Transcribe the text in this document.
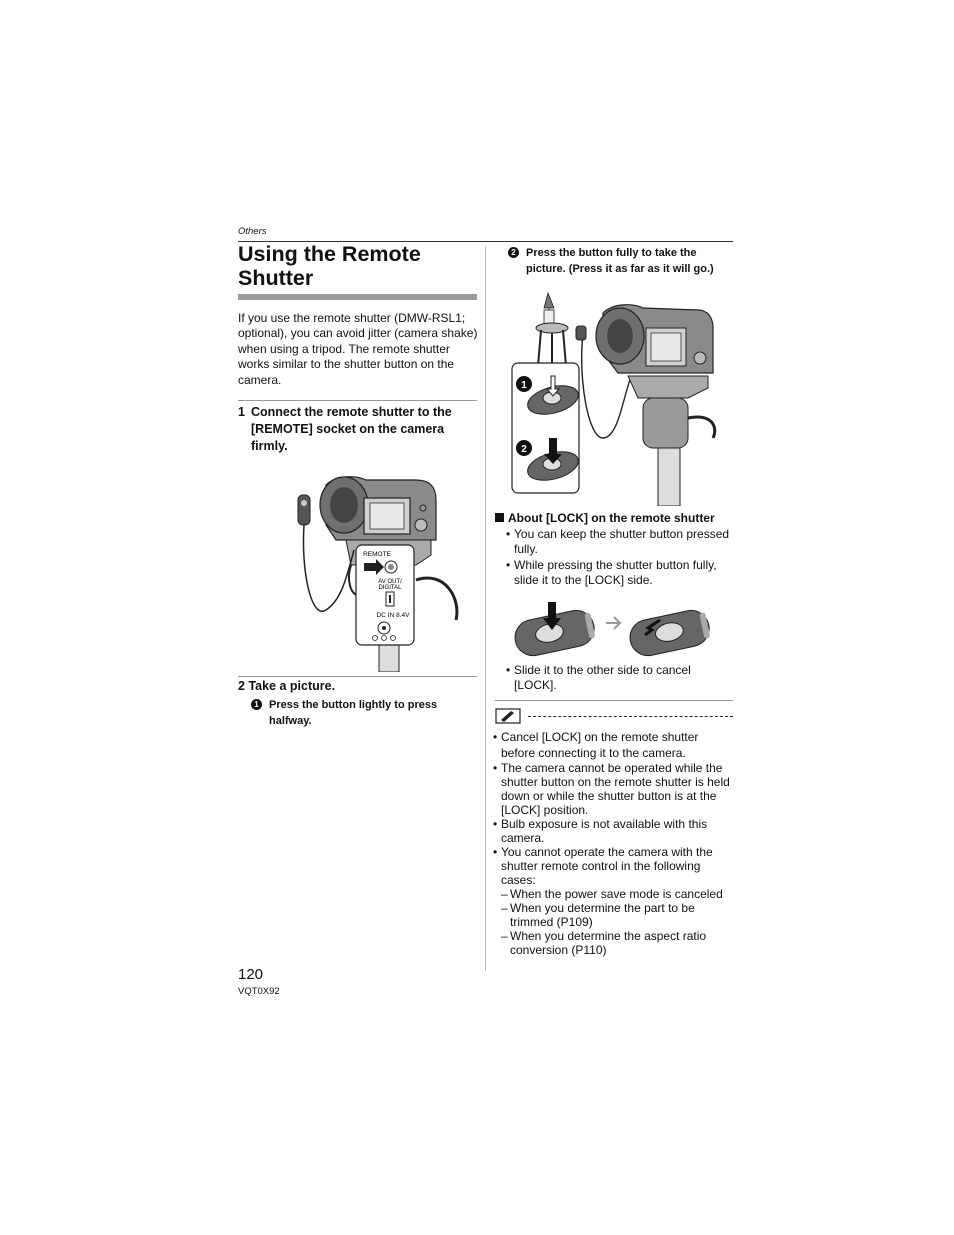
Others
Using the Remote Shutter
If you use the remote shutter (DMW-RSL1; optional), you can avoid jitter (camera shake) when using a tripod. The remote shutter works similar to the shutter button on the camera.
1 Connect the remote shutter to the [REMOTE] socket on the camera firmly.
REMOTE
AV OUT/
DIGITAL
DC IN 8.4V
2 Take a picture.
1 : Press the button lightly to press halfway.
2 : Press the button fully to take the picture. (Press it as far as it will go.)
1
2
About [LOCK] on the remote shutter
• You can keep the shutter button pressed fully.
• While pressing the shutter button fully, slide it to the [LOCK] side.
• Slide it to the other side to cancel [LOCK].
• Cancel [LOCK] on the remote shutter before connecting it to the camera.
• The camera cannot be operated while the shutter button on the remote shutter is held down or while the shutter button is at the [LOCK] position.
• Bulb exposure is not available with this camera.
• You cannot operate the camera with the shutter remote control in the following cases:
– When the power save mode is canceled
– When you determine the part to be trimmed (P109)
– When you determine the aspect ratio conversion (P110)
120
VQT0X92
